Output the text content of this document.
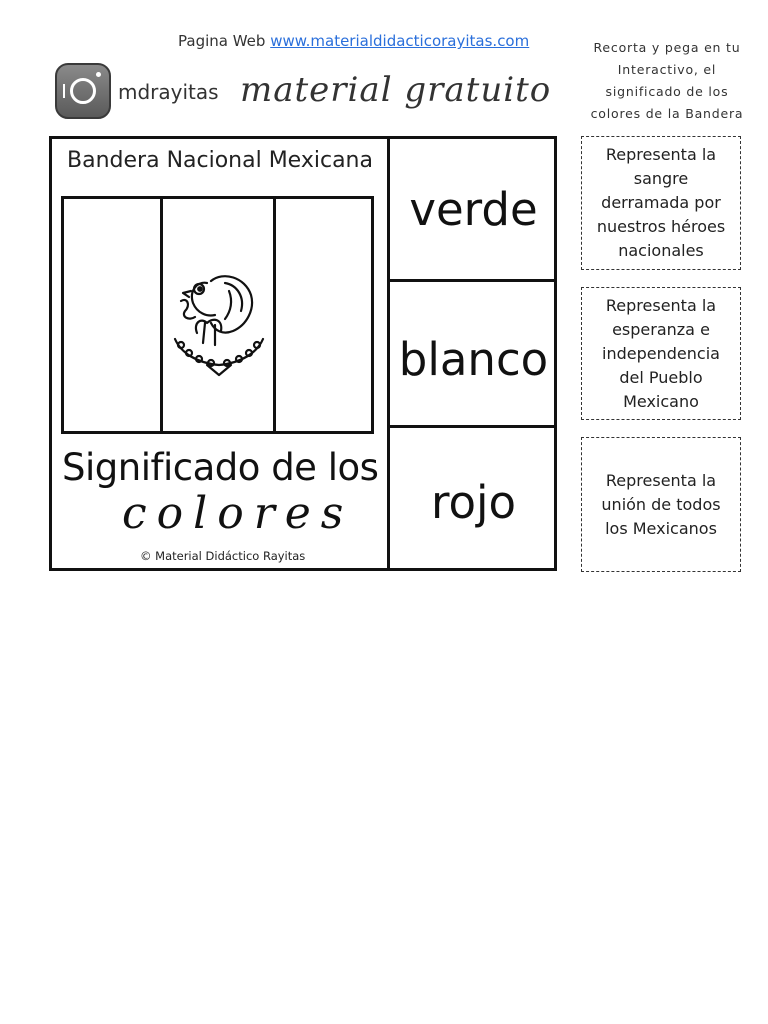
Pagina Web www.materialdidacticorayitas.com
mdrayitas material gratuito
Recorta y pega en tu Interactivo, el significado de los colores de la Bandera
Bandera Nacional Mexicana
Significado de los
colores
© Material Didáctico Rayitas
verde
blanco
rojo
Representa la sangre derramada por nuestros héroes nacionales
Representa la esperanza e independencia del Pueblo Mexicano
Representa la unión de todos los Mexicanos
